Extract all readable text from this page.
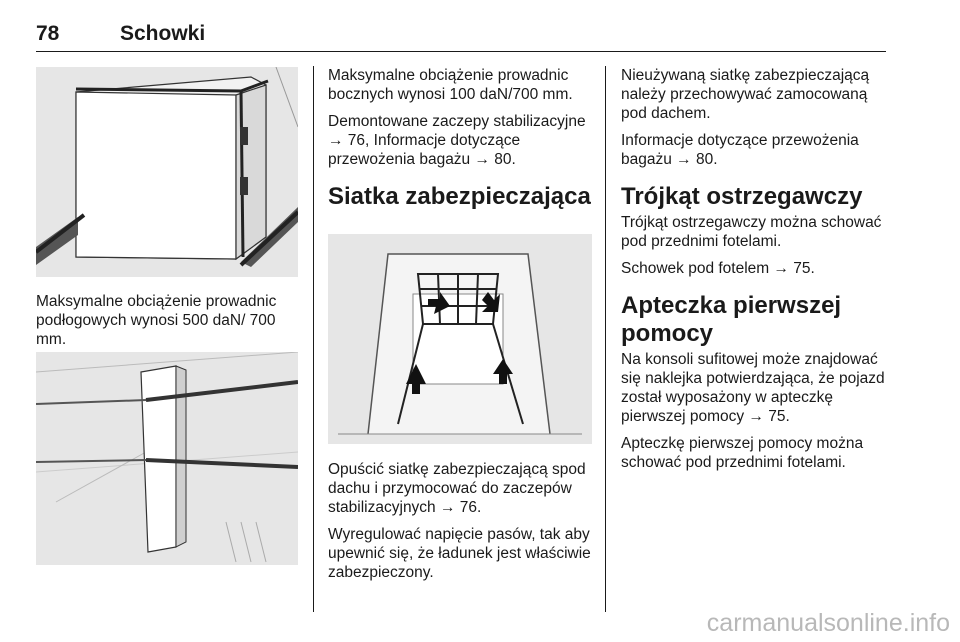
78	Schowki

Maksymalne obciążenie prowadnic podłogowych wynosi 500 daN/ 700 mm.

Maksymalne obciążenie prowadnic bocznych wynosi 100 daN/700 mm.

Demontowane zaczepy stabilizacyjne → 76, Informacje dotyczące przewożenia bagażu → 80.

Siatka zabezpieczająca

Opuścić siatkę zabezpieczającą spod dachu i przymocować do zaczepów stabilizacyjnych → 76.

Wyregulować napięcie pasów, tak aby upewnić się, że ładunek jest właściwie zabezpieczony.

Nieużywaną siatkę zabezpieczającą należy przechowywać zamocowaną pod dachem.

Informacje dotyczące przewożenia bagażu → 80.

Trójkąt ostrzegawczy

Trójkąt ostrzegawczy można schować pod przednimi fotelami.

Schowek pod fotelem → 75.

Apteczka pierwszej pomocy

Na konsoli sufitowej może znajdować się naklejka potwierdzająca, że pojazd został wyposażony w apteczkę pierwszej pomocy → 75.

Apteczkę pierwszej pomocy można schować pod przednimi fotelami.

carmanualsonline.info
